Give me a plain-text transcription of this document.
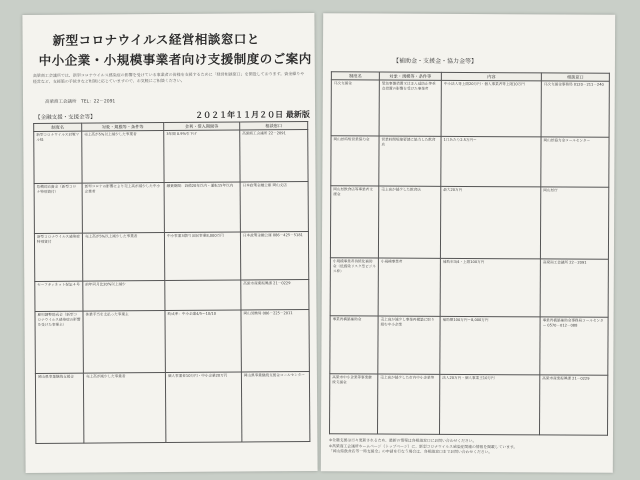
新型コロナウイルス経営相談窓口と
中小企業・小規模事業者向け支援制度のご案内
高梁商工会議所では、新型コロナウイルス感染症の影響を受けている事業者の皆様を支援するために「経営相談窓口」を開設しております。資金繰りや経営など、支援策の手続きなど相談に応じていますので、お気軽にご相談ください。
高梁商工会議所　TEL：22－2091
【金融支援・支援金等】	２０２１年１１月２０日 最新版
制度名	対象・規模等・条件等	金利・借入期間等	相談窓口
新型コロナウイルス対策マル経	売上高が5%以上減少した事業者	3年間 0.9%引下げ	高梁商工会議所 22－2091
危機対応資金（新型コロナ特別貸付）	新型コロナの影響により売上高が減少した中小企業者	融資期間：設備20年以内・運転15年以内	日本政策金融公庫 岡山支店
新型コロナウイルス感染症特別貸付	売上高が5%以上減少した事業者	中小事業3億円 国民事業8,000万円	日本政策金融公庫 086－425－5181
セーフティネット保証４号	前年同月比20%以上減少		高梁市産業振興課 21－0229
雇用調整助成金（新型コロナウイルス感染症の影響を受けた事業主）	休業手当を支払った事業主	助成率：中小企業4/5～10/10	岡山労働局 086－225－2011
岡山県事業継続支援金	売上高が減少した事業者	個人事業者10万円・中小企業20万円	岡山県事業継続支援金コールセンター
【補助金・支援金・協力金等】
制度名	対象・規模等・条件等	内容	相談窓口
月次支援金	緊急事態措置又はまん延防止等重点措置の影響を受けた事業者	中小法人等上限20万円・個人事業者等上限10万円	月次支援金事務局 0120－211－240
岡山県時短営業協力金	営業時間短縮要請に協力した飲食店	1日あたり2.5万円～	岡山県協力金コールセンター
岡山県飲食店等事業者支援金	売上高が減少した飲食店	最大20万円	岡山県庁
小規模事業者持続化補助金（低感染リスク型ビジネス枠）	小規模事業者	補助率3/4・上限100万円	高梁商工会議所 22－2091
事業再構築補助金	売上高が減少し事業再構築に取り組む中小企業	補助額100万円～8,000万円	事業再構築補助金事務局コールセンター 0570－012－088
高梁市中小企業等事業継続支援金	売上高が減少した市内中小企業等	法人20万円・個人事業主10万円	高梁市産業振興課 21－0229
※金融支援は日々更新されるため、最新の情報は各相談窓口にお問い合わせください。
※高梁商工会議所ホームページ（トップページ）に、新型コロナウイルス感染症関連の情報を掲載しています。
「岡山県飲食店等一時支援金」の申請を行なう場合は、各相談窓口までお問い合わせください。
